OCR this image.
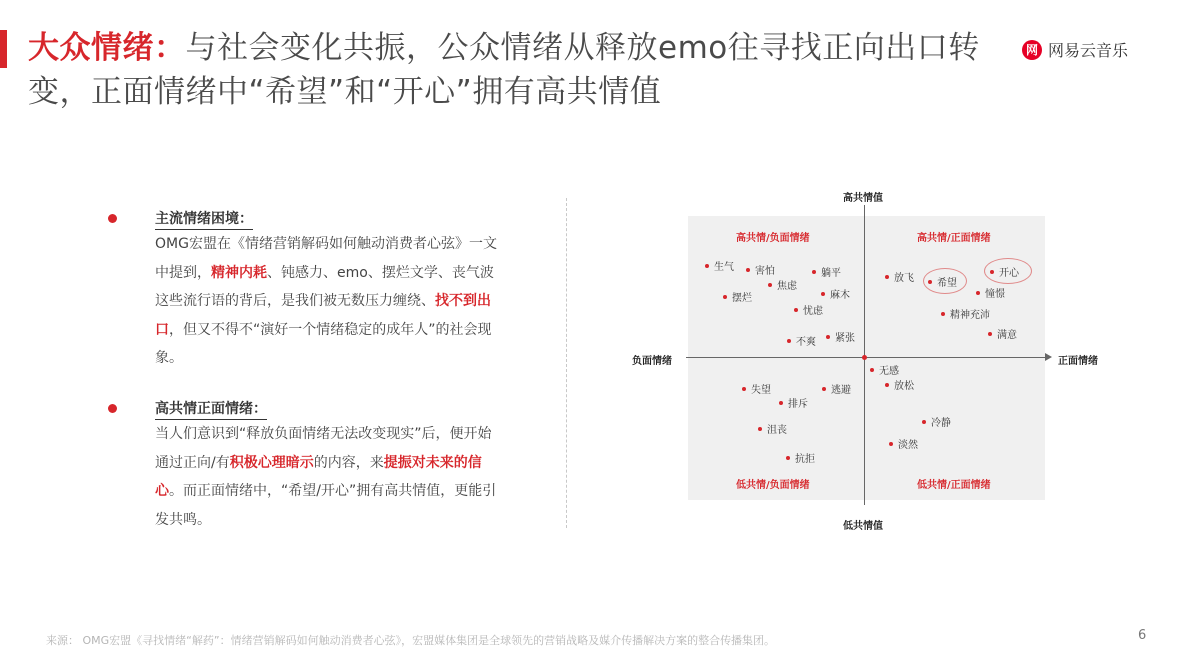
大众情绪：与社会变化共振，公众情绪从释放emo往寻找正向出口转变，正面情绪中“希望”和“开心”拥有高共情值
网 网易云音乐
主流情绪困境：
OMG宏盟在《情绪营销解码如何触动消费者心弦》一文中提到，精神内耗、钝感力、emo、摆烂文学、丧气波这些流行语的背后，是我们被无数压力缠绕、找不到出口，但又不得不“演好一个情绪稳定的成年人”的社会现象。
高共情正面情绪：
当人们意识到“释放负面情绪无法改变现实”后，便开始通过正向/有积极心理暗示的内容，来提振对未来的信心。而正面情绪中，“希望/开心”拥有高共情值，更能引发共鸣。
高共情值
低共情值
负面情绪	正面情绪
高共情/负面情绪	高共情/正面情绪
低共情/负面情绪	低共情/正面情绪
无感
生气	害怕
焦虑
躺平
摆烂	麻木
忧虑
不爽	紧张
放飞	希望
开心
憧憬
精神充沛
满意
失望	逃避
排斥
沮丧
抗拒
放松
冷静
淡然
来源： OMG宏盟《寻找情绪“解药”：情绪营销解码如何触动消费者心弦》，宏盟媒体集团是全球领先的营销战略及媒介传播解决方案的整合传播集团。	6
